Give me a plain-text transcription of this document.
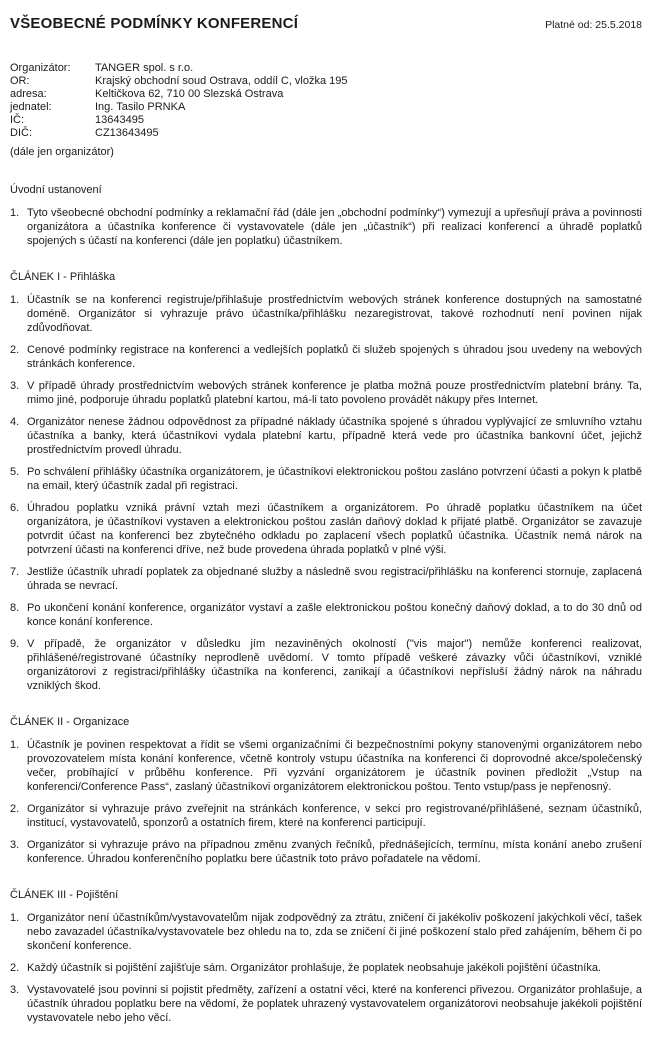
VŠEOBECNÉ PODMÍNKY KONFERENCÍ	Platné od: 25.5.2018
Organizátor:	TANGER spol. s r.o.
OR:	Krajský obchodní soud Ostrava, oddíl C, vložka 195
adresa:	Keltičkova 62, 710 00 Slezská Ostrava
jednatel:	Ing. Tasilo PRNKA
IČ:	13643495
DIČ:	CZ13643495

(dále jen organizátor)

Úvodní ustanovení
Tyto všeobecné obchodní podmínky a reklamační řád (dále jen „obchodní podmínky“) vymezují a upřesňují práva a povinnosti organizátora a účastníka konference či vystavovatele (dále jen „účastník“) při realizaci konferencí a úhradě poplatků spojených s účastí na konferenci (dále jen poplatku) účastníkem.
ČLÁNEK I - Přihláška
Účastník se na konferenci registruje/přihlašuje prostřednictvím webových stránek konference dostupných na samostatné doméně. Organizátor si vyhrazuje právo účastníka/přihlášku nezaregistrovat, takové rozhodnutí není povinen nijak zdůvodňovat.
Cenové podmínky registrace na konferenci a vedlejších poplatků či služeb spojených s úhradou jsou uvedeny na webových stránkách konference.
V případě úhrady prostřednictvím webových stránek konference je platba možná pouze prostřednictvím platební brány. Ta, mimo jiné, podporuje úhradu poplatků platební kartou, má-li tato povoleno provádět nákupy přes Internet.
Organizátor nenese žádnou odpovědnost za případné náklady účastníka spojené s úhradou vyplývající ze smluvního vztahu účastníka a banky, která účastníkovi vydala platební kartu, případně která vede pro účastníka bankovní účet, jejichž prostřednictvím provedl úhradu.
Po schválení přihlášky účastníka organizátorem, je účastníkovi elektronickou poštou zasláno potvrzení účasti a pokyn k platbě na email, který účastník zadal při registraci.
Úhradou poplatku vzniká právní vztah mezi účastníkem a organizátorem. Po úhradě poplatku účastníkem na účet organizátora, je účastníkovi vystaven a elektronickou poštou zaslán daňový doklad k přijaté platbě. Organizátor se zavazuje potvrdit účast na konferenci bez zbytečného odkladu po zaplacení všech poplatků účastníka. Účastník nemá nárok na potvrzení účasti na konferenci dříve, než bude provedena úhrada poplatků v plné výši.
Jestliže účastník uhradí poplatek za objednané služby a následně svou registraci/přihlášku na konferenci stornuje, zaplacená úhrada se nevrací.
Po ukončení konání konference, organizátor vystaví a zašle elektronickou poštou konečný daňový doklad, a to do 30 dnů od konce konání konference.
V případě, že organizátor v důsledku jím nezaviněných okolností ("vis major") nemůže konferenci realizovat, přihlášené/registrované účastníky neprodleně uvědomí. V tomto případě veškeré závazky vůči účastníkovi, vzniklé organizátorovi z registraci/přihlášky účastníka na konferenci, zanikají a účastníkovi nepřísluší žádný nárok na náhradu vzniklých škod.
ČLÁNEK II - Organizace
Účastník je povinen respektovat a řídit se všemi organizačními či bezpečnostními pokyny stanovenými organizátorem nebo provozovatelem místa konání konference, včetně kontroly vstupu účastníka na konferenci či doprovodné akce/společenský večer, probíhající v průběhu konference. Při vyzvání organizátorem je účastník povinen předložit „Vstup na konferenci/Conference Pass“, zaslaný účastníkovi organizátorem elektronickou poštou. Tento vstup/pass je nepřenosný.
Organizátor si vyhrazuje právo zveřejnit na stránkách konference, v sekci pro registrované/přihlášené, seznam účastníků, institucí, vystavovatelů, sponzorů a ostatních firem, které na konferenci participují.
Organizátor si vyhrazuje právo na případnou změnu zvaných řečníků, přednášejících, termínu, místa konání anebo zrušení konference. Úhradou konferenčního poplatku bere účastník toto právo pořadatele na vědomí.
ČLÁNEK III - Pojištění
Organizátor není účastníkům/vystavovatelům nijak zodpovědný za ztrátu, zničení či jakékoliv poškození jakýchkoli věcí, tašek nebo zavazadel účastníka/vystavovatele bez ohledu na to, zda se zničení či jiné poškození stalo před zahájením, během či po skončení konference.
Každý účastník si pojištění zajišťuje sám. Organizátor prohlašuje, že poplatek neobsahuje jakékoli pojištění účastníka.
Vystavovatelé jsou povinni si pojistit předměty, zařízení a ostatní věci, které na konferenci přivezou. Organizátor prohlašuje, a účastník úhradou poplatku bere na vědomí, že poplatek uhrazený vystavovatelem organizátorovi neobsahuje jakékoli pojištění vystavovatele nebo jeho věcí.
